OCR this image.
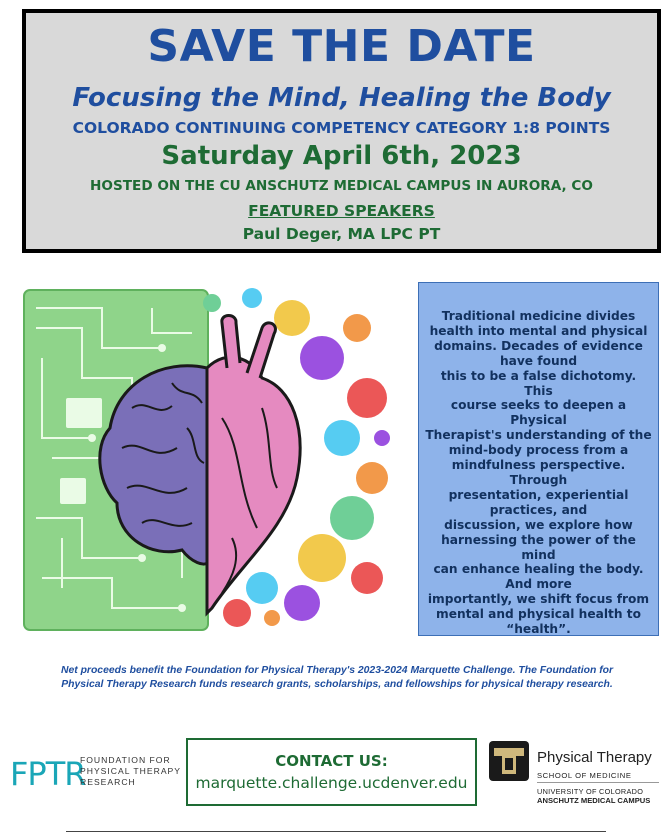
SAVE THE DATE
Focusing the Mind, Healing the Body
COLORADO CONTINUING COMPETENCY CATEGORY 1:8 POINTS
Saturday April 6th, 2023
HOSTED ON THE CU ANSCHUTZ MEDICAL CAMPUS IN AURORA, CO
FEATURED SPEAKERS
Paul Deger, MA LPC PT
Traditional medicine divides
health into mental and physical
domains. Decades of evidence
have found
this to be a false dichotomy. This
course seeks to deepen a Physical
Therapist's understanding of the
mind-body process from a
mindfulness perspective. Through
presentation, experiential
practices, and
discussion, we explore how
harnessing the power of the mind
can enhance healing the body.
And more
importantly, we shift focus from
mental and physical health to
“health”.
Net proceeds benefit the Foundation for Physical Therapy's 2023-2024 Marquette Challenge. The Foundation for
Physical Therapy Research funds research grants, scholarships, and fellowships for physical therapy research.
FPTR
FOUNDATION FOR
PHYSICAL THERAPY
RESEARCH
CONTACT US:
marquette.challenge.ucdenver.edu
Physical Therapy
SCHOOL OF MEDICINE
UNIVERSITY OF COLORADO
ANSCHUTZ MEDICAL CAMPUS
